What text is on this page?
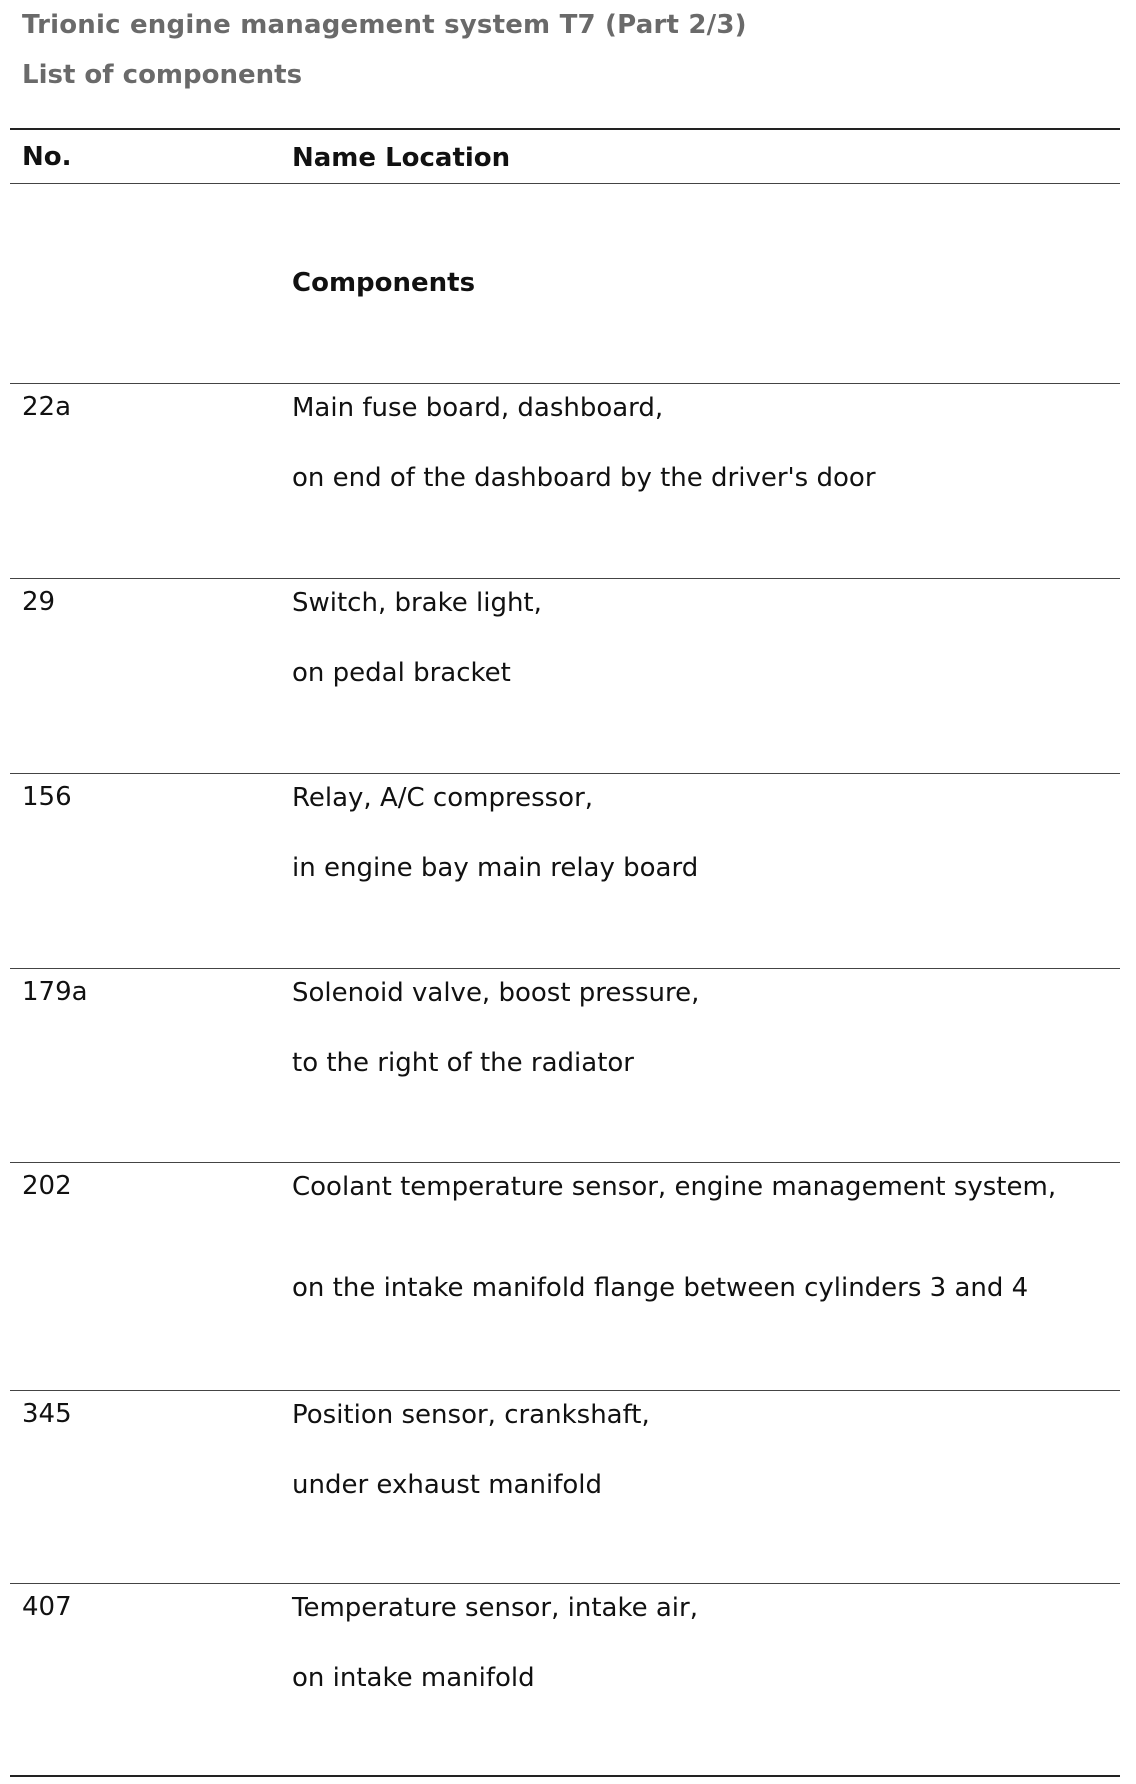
Trionic engine management system T7 (Part 2/3)
List of components
No.	Name Location
Components
22a	Main fuse board, dashboard,
on end of the dashboard by the driver's door
29	Switch, brake light,
on pedal bracket
156	Relay, A/C compressor,
in engine bay main relay board
179a	Solenoid valve, boost pressure,
to the right of the radiator
202	Coolant temperature sensor, engine management system,
on the intake manifold flange between cylinders 3 and 4
345	Position sensor, crankshaft,
under exhaust manifold
407	Temperature sensor, intake air,
on intake manifold
